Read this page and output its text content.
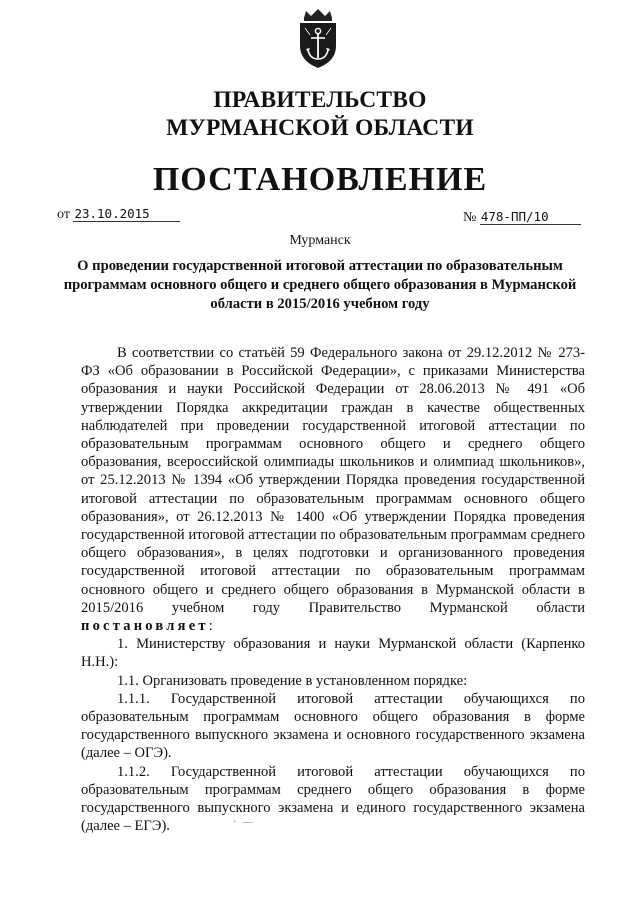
ПРАВИТЕЛЬСТВО
МУРМАНСКОЙ ОБЛАСТИ
ПОСТАНОВЛЕНИЕ
от 23.10.2015	№ 478-ПП/10
Мурманск
О проведении государственной итоговой аттестации по образовательным программам основного общего и среднего общего образования в Мурманской области в 2015/2016 учебном году

В соответствии со статьёй 59 Федерального закона от 29.12.2012 № 273-ФЗ «Об образовании в Российской Федерации», с приказами Министерства образования и науки Российской Федерации от 28.06.2013 № 491 «Об утверждении Порядка аккредитации граждан в качестве общественных наблюдателей при проведении государственной итоговой аттестации по образовательным программам основного общего и среднего общего образования, всероссийской олимпиады школьников и олимпиад школьников», от 25.12.2013 № 1394 «Об утверждении Порядка проведения государственной итоговой аттестации по образовательным программам основного общего образования», от 26.12.2013 № 1400 «Об утверждении Порядка проведения государственной итоговой аттестации по образовательным программам среднего общего образования», в целях подготовки и организованного проведения государственной итоговой аттестации по образовательным программам основного общего и среднего общего образования в Мурманской области в 2015/2016 учебном году Правительство Мурманской области постановляет:

1. Министерству образования и науки Мурманской области (Карпенко Н.Н.):

1.1. Организовать проведение в установленном порядке:

1.1.1. Государственной итоговой аттестации обучающихся по образовательным программам основного общего образования в форме государственного выпускного экзамена и основного государственного экзамена (далее – ОГЭ).

1.1.2. Государственной итоговой аттестации обучающихся по образовательным программам среднего общего образования в форме государственного выпускного экзамена и единого государственного экзамена (далее – ЕГЭ).	· —
